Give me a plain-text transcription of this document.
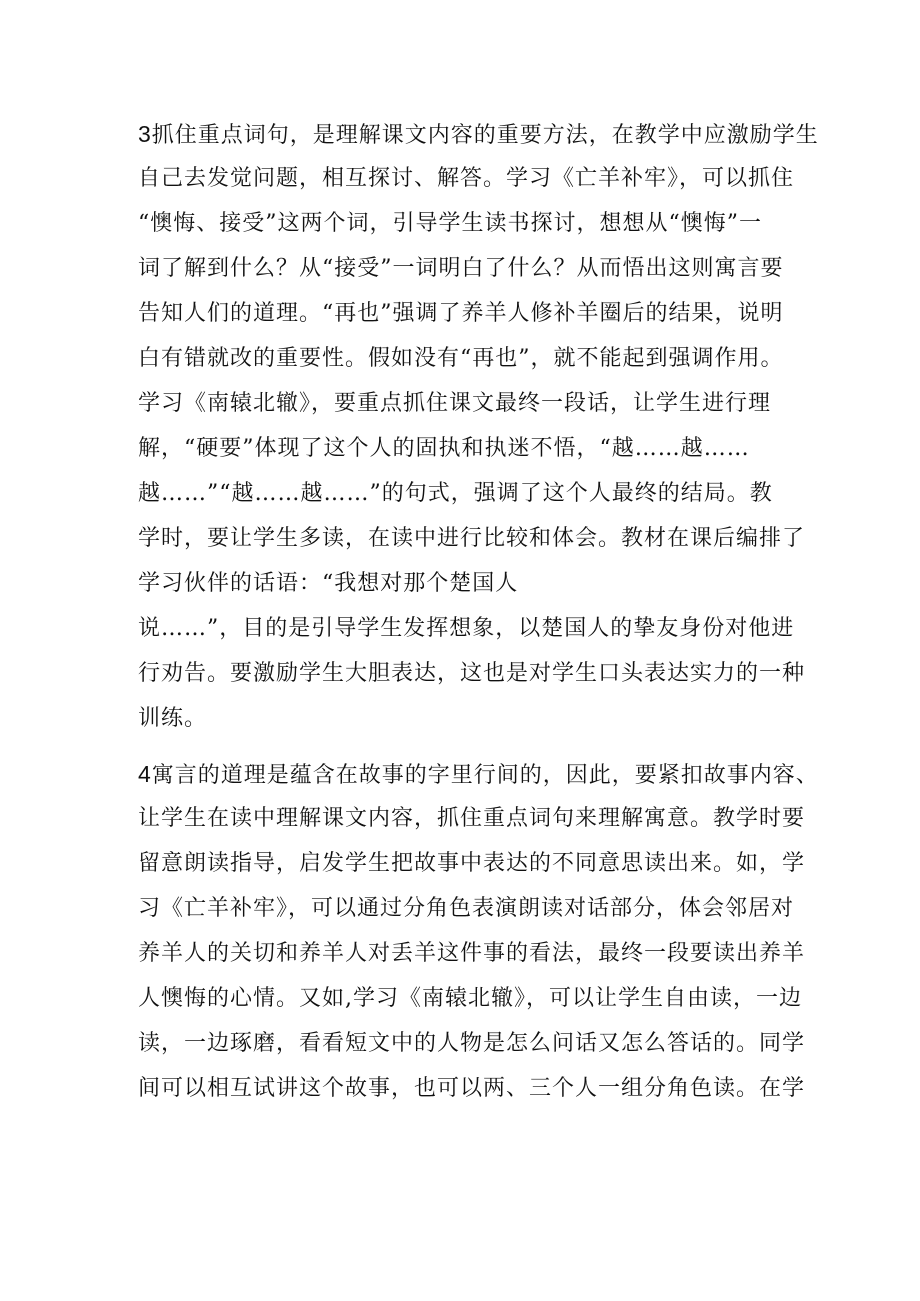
3抓住重点词句，是理解课文内容的重要方法，在教学中应激励学生
自己去发觉问题，相互探讨、解答。学习《亡羊补牢》，可以抓住
“懊悔、接受”这两个词，引导学生读书探讨，想想从“懊悔”一
词了解到什么？从“接受”一词明白了什么？从而悟出这则寓言要
告知人们的道理。“再也”强调了养羊人修补羊圈后的结果，说明
白有错就改的重要性。假如没有“再也”，就不能起到强调作用。
学习《南辕北辙》，要重点抓住课文最终一段话，让学生进行理
解，“硬要”体现了这个人的固执和执迷不悟，“越……越……
越……”“越……越……”的句式，强调了这个人最终的结局。教
学时，要让学生多读，在读中进行比较和体会。教材在课后编排了
学习伙伴的话语：“我想对那个楚国人
说……”，目的是引导学生发挥想象，以楚国人的挚友身份对他进
行劝告。要激励学生大胆表达，这也是对学生口头表达实力的一种
训练。
4寓言的道理是蕴含在故事的字里行间的，因此，要紧扣故事内容、
让学生在读中理解课文内容，抓住重点词句来理解寓意。教学时要
留意朗读指导，启发学生把故事中表达的不同意思读出来。如，学
习《亡羊补牢》，可以通过分角色表演朗读对话部分，体会邻居对
养羊人的关切和养羊人对丢羊这件事的看法，最终一段要读出养羊
人懊悔的心情。又如,学习《南辕北辙》，可以让学生自由读，一边
读，一边琢磨，看看短文中的人物是怎么问话又怎么答话的。同学
间可以相互试讲这个故事，也可以两、三个人一组分角色读。在学
